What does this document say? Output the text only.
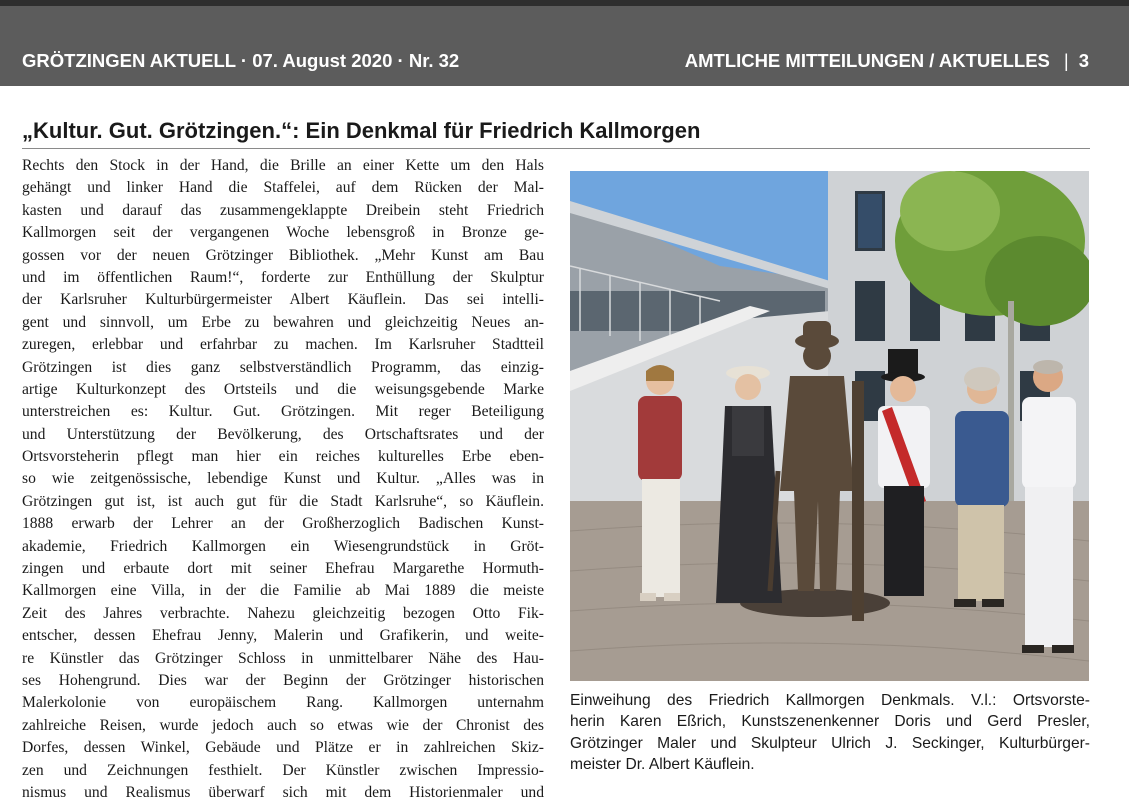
GRÖTZINGEN AKTUELL · 07. August 2020 · Nr. 32	AMTLICHE MITTEILUNGEN / AKTUELLES | 3
„Kultur. Gut. Grötzingen.“: Ein Denkmal für Friedrich Kallmorgen
Rechts den Stock in der Hand, die Brille an einer Kette um den Hals
gehängt und linker Hand die Staffelei, auf dem Rücken der Mal-
kasten und darauf das zusammengeklappte Dreibein steht Friedrich
Kallmorgen seit der vergangenen Woche lebensgroß in Bronze ge-
gossen vor der neuen Grötzinger Bibliothek. „Mehr Kunst am Bau
und im öffentlichen Raum!“, forderte zur Enthüllung der Skulptur
der Karlsruher Kulturbürgermeister Albert Käuflein. Das sei intelli-
gent und sinnvoll, um Erbe zu bewahren und gleichzeitig Neues an-
zuregen, erlebbar und erfahrbar zu machen. Im Karlsruher Stadtteil
Grötzingen ist dies ganz selbstverständlich Programm, das einzig-
artige Kulturkonzept des Ortsteils und die weisungsgebende Marke
unterstreichen es: Kultur. Gut. Grötzingen. Mit reger Beteiligung
und Unterstützung der Bevölkerung, des Ortschaftsrates und der
Ortsvorsteherin pflegt man hier ein reiches kulturelles Erbe eben-
so wie zeitgenössische, lebendige Kunst und Kultur. „Alles was in
Grötzingen gut ist, ist auch gut für die Stadt Karlsruhe“, so Käuflein.
1888 erwarb der Lehrer an der Großherzoglich Badischen Kunst-
akademie, Friedrich Kallmorgen ein Wiesengrundstück in Gröt-
zingen und erbaute dort mit seiner Ehefrau Margarethe Hormuth-
Kallmorgen eine Villa, in der die Familie ab Mai 1889 die meiste
Zeit des Jahres verbrachte. Nahezu gleichzeitig bezogen Otto Fik-
entscher, dessen Ehefrau Jenny, Malerin und Grafikerin, und weite-
re Künstler das Grötzinger Schloss in unmittelbarer Nähe des Hau-
ses Hohengrund. Dies war der Beginn der Grötzinger historischen
Malerkolonie von europäischem Rang. Kallmorgen unternahm
zahlreiche Reisen, wurde jedoch auch so etwas wie der Chronist des
Dorfes, dessen Winkel, Gebäude und Plätze er in zahlreichen Skiz-
zen und Zeichnungen festhielt. Der Künstler zwischen Impressio-
nismus und Realismus überwarf sich mit dem Historienmaler und
Einweihung des Friedrich Kallmorgen Denkmals. V.l.: Ortsvorste-
herin Karen Eßrich, Kunstszenenkenner Doris und Gerd Presler,
Grötzinger Maler und Skulpteur Ulrich J. Seckinger, Kulturbürger-
meister Dr. Albert Käuflein.
